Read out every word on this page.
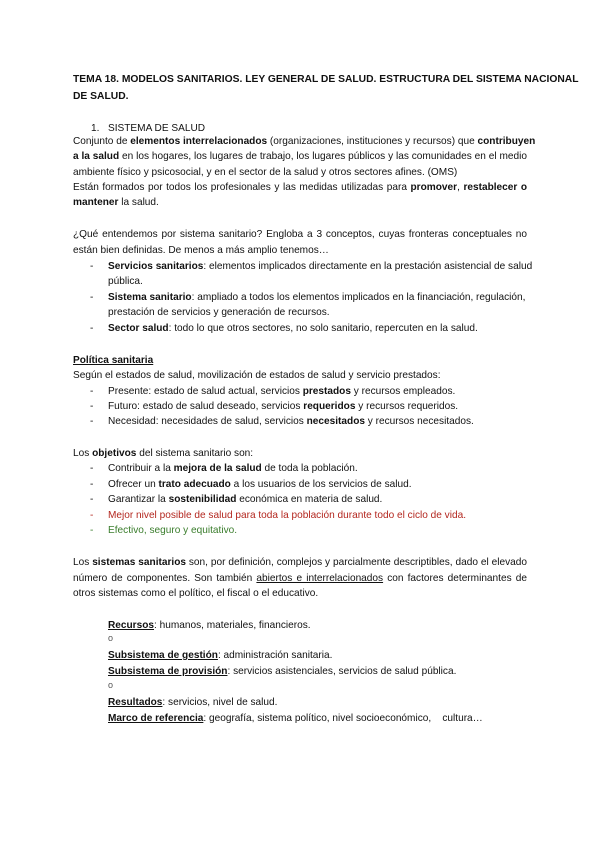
TEMA 18. MODELOS SANITARIOS. LEY GENERAL DE SALUD. ESTRUCTURA DEL SISTEMA NACIONAL
DE SALUD.
1. SISTEMA DE SALUD
Conjunto de elementos interrelacionados (organizaciones, instituciones y recursos) que contribuyen
a la salud en los hogares, los lugares de trabajo, los lugares públicos y las comunidades en el medio
ambiente físico y psicosocial, y en el sector de la salud y otros sectores afines. (OMS)
Están formados por todos los profesionales y las medidas utilizadas para promover, restablecer o
mantener la salud.
¿Qué entendemos por sistema sanitario? Engloba a 3 conceptos, cuyas fronteras conceptuales no
están bien definidas. De menos a más amplio tenemos…
- Servicios sanitarios: elementos implicados directamente en la prestación asistencial de salud
pública.
- Sistema sanitario: ampliado a todos los elementos implicados en la financiación, regulación,
prestación de servicios y generación de recursos.
- Sector salud: todo lo que otros sectores, no solo sanitario, repercuten en la salud.
Política sanitaria
Según el estados de salud, movilización de estados de salud y servicio prestados:
- Presente: estado de salud actual, servicios prestados y recursos empleados.
- Futuro: estado de salud deseado, servicios requeridos y recursos requeridos.
- Necesidad: necesidades de salud, servicios necesitados y recursos necesitados.
Los objetivos del sistema sanitario son:
- Contribuir a la mejora de la salud de toda la población.
- Ofrecer un trato adecuado a los usuarios de los servicios de salud.
- Garantizar la sostenibilidad económica en materia de salud.
- Mejor nivel posible de salud para toda la población durante todo el ciclo de vida.
- Efectivo, seguro y equitativo.
Los sistemas sanitarios son, por definición, complejos y parcialmente descriptibles, dado el elevado
número de componentes. Son también abiertos e interrelacionados con factores determinantes de
otros sistemas como el político, el fiscal o el educativo.
Recursos: humanos, materiales, financieros.
o
Subsistema de gestión: administración sanitaria.
Subsistema de provisión: servicios asistenciales, servicios de salud pública.
o
Resultados: servicios, nivel de salud.
Marco de referencia: geografía, sistema político, nivel socioeconómico,    cultura…
